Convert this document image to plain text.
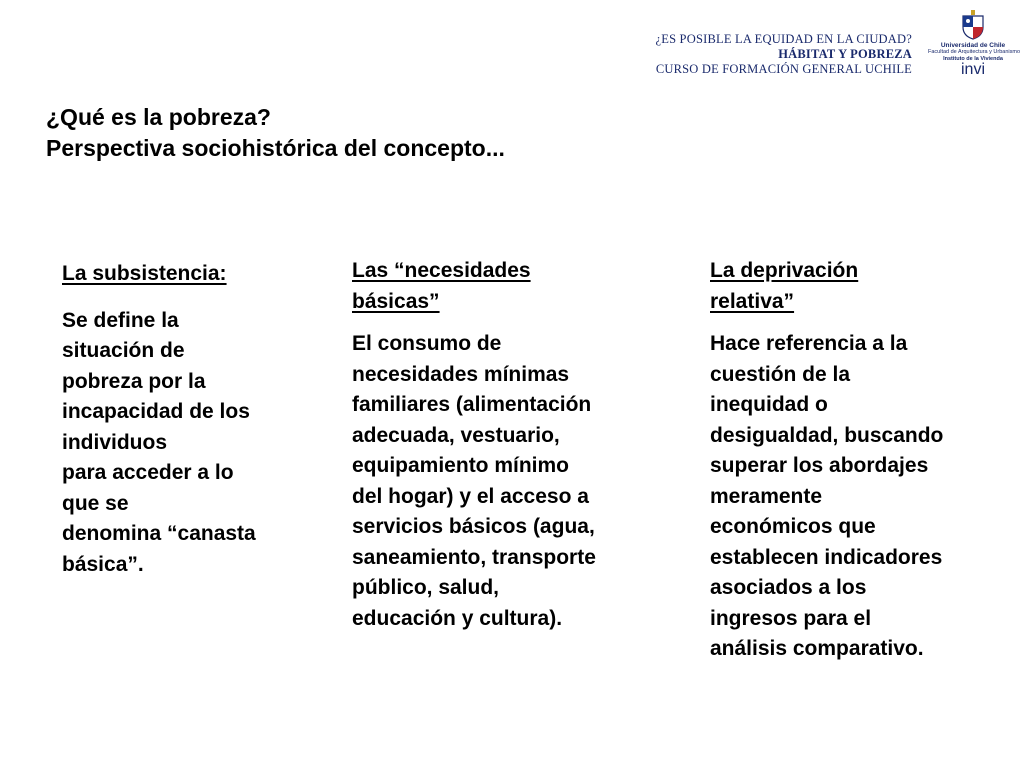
¿ES POSIBLE LA EQUIDAD EN LA CIUDAD?
HÁBITAT Y POBREZA
CURSO DE FORMACIÓN GENERAL UCHILE
Universidad de Chile
Facultad de Arquitectura y Urbanismo
Instituto de la Vivienda
invi
¿Qué es la pobreza?
Perspectiva sociohistórica del concepto...
La subsistencia:
Se define la
situación de
pobreza por la
incapacidad de los
individuos
para acceder a lo
que se
denomina “canasta
básica”.
Las “necesidades
básicas”
El consumo de
necesidades mínimas
familiares (alimentación
adecuada, vestuario,
equipamiento mínimo
del hogar) y el acceso a
servicios básicos (agua,
saneamiento, transporte
público, salud,
educación y cultura).
La deprivación
relativa”
Hace referencia a la
cuestión de la
inequidad o
desigualdad, buscando
superar los abordajes
meramente
económicos que
establecen indicadores
asociados a los
ingresos para el
análisis comparativo.
